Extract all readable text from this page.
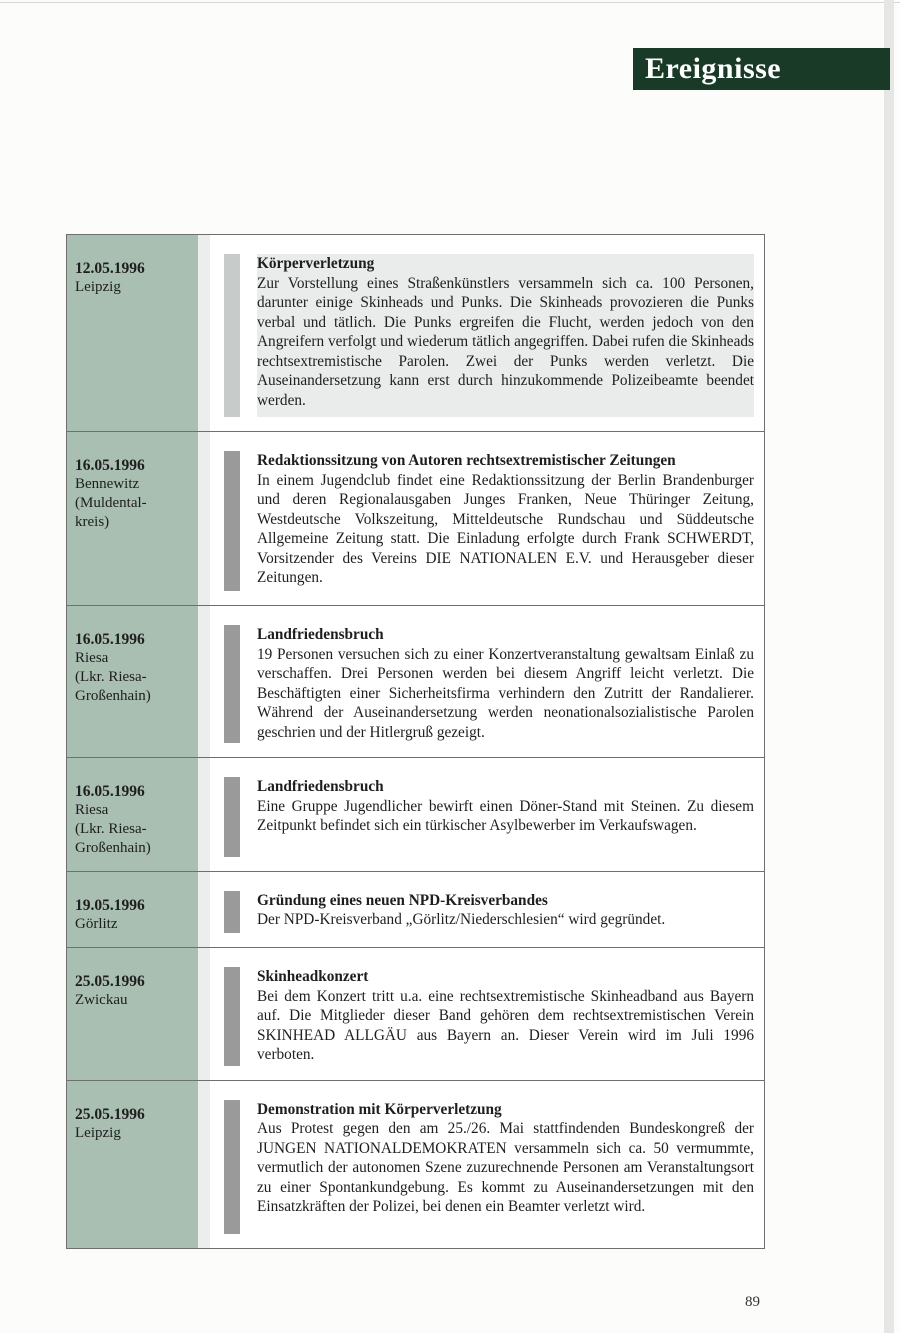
Ereignisse
12.05.1996
Leipzig
Körperverletzung
Zur Vorstellung eines Straßenkünstlers versammeln sich ca. 100 Personen, darunter einige Skinheads und Punks. Die Skinheads provozieren die Punks verbal und tätlich. Die Punks ergreifen die Flucht, werden jedoch von den Angreifern verfolgt und wiederum tätlich angegriffen. Dabei rufen die Skinheads rechtsextremistische Parolen. Zwei der Punks werden verletzt. Die Auseinandersetzung kann erst durch hinzukommende Polizeibeamte beendet werden.
16.05.1996
Bennewitz
(Muldental-
kreis)
Redaktionssitzung von Autoren rechtsextremistischer Zeitungen
In einem Jugendclub findet eine Redaktionssitzung der Berlin Brandenburger und deren Regionalausgaben Junges Franken, Neue Thüringer Zeitung, Westdeutsche Volkszeitung, Mitteldeutsche Rundschau und Süddeutsche Allgemeine Zeitung statt. Die Einladung erfolgte durch Frank SCHWERDT, Vorsitzender des Vereins DIE NATIONALEN E.V. und Herausgeber dieser Zeitungen.
16.05.1996
Riesa
(Lkr. Riesa-
Großenhain)
Landfriedensbruch
19 Personen versuchen sich zu einer Konzertveranstaltung gewaltsam Einlaß zu verschaffen. Drei Personen werden bei diesem Angriff leicht verletzt. Die Beschäftigten einer Sicherheitsfirma verhindern den Zutritt der Randalierer. Während der Auseinandersetzung werden neonationalsozialistische Parolen geschrien und der Hitlergruß gezeigt.
16.05.1996
Riesa
(Lkr. Riesa-
Großenhain)
Landfriedensbruch
Eine Gruppe Jugendlicher bewirft einen Döner-Stand mit Steinen. Zu diesem Zeitpunkt befindet sich ein türkischer Asylbewerber im Verkaufswagen.
19.05.1996
Görlitz
Gründung eines neuen NPD-Kreisverbandes
Der NPD-Kreisverband „Görlitz/Niederschlesien“ wird gegründet.
25.05.1996
Zwickau
Skinheadkonzert
Bei dem Konzert tritt u.a. eine rechtsextremistische Skinheadband aus Bayern auf. Die Mitglieder dieser Band gehören dem rechtsextremistischen Verein SKINHEAD ALLGÄU aus Bayern an. Dieser Verein wird im Juli 1996 verboten.
25.05.1996
Leipzig
Demonstration mit Körperverletzung
Aus Protest gegen den am 25./26. Mai stattfindenden Bundeskongreß der JUNGEN NATIONALDEMOKRATEN versammeln sich ca. 50 vermummte, vermutlich der autonomen Szene zuzurechnende Personen am Veranstaltungsort zu einer Spontankundgebung. Es kommt zu Auseinandersetzungen mit den Einsatzkräften der Polizei, bei denen ein Beamter verletzt wird.
89
